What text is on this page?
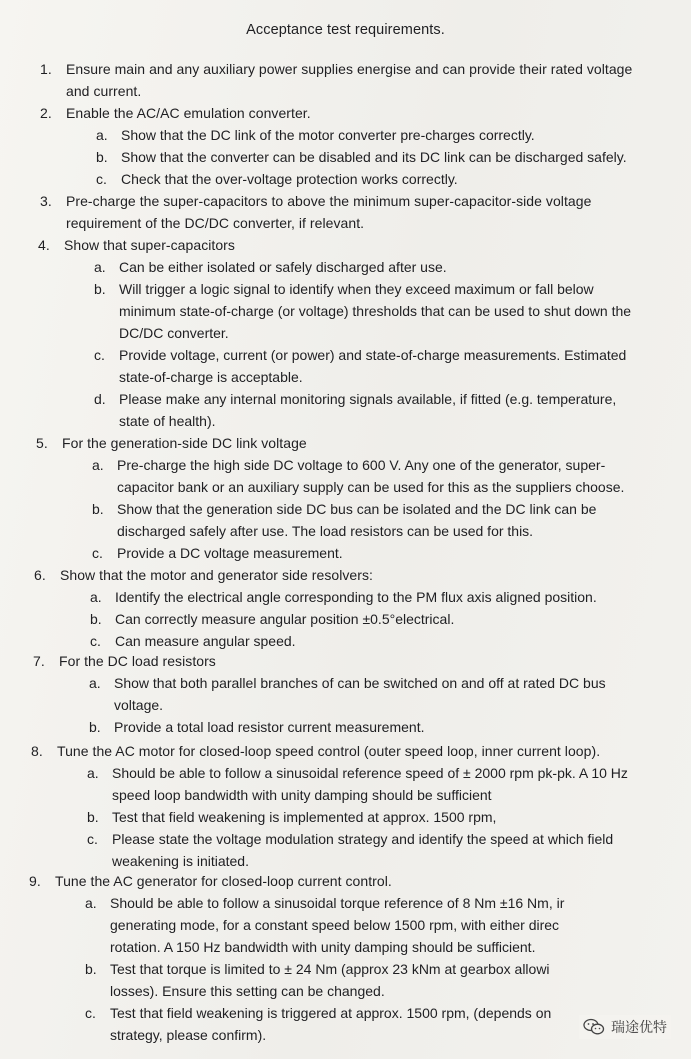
Acceptance test requirements.
1. Ensure main and any auxiliary power supplies energise and can provide their rated voltage
and current.
2. Enable the AC/AC emulation converter.
a. Show that the DC link of the motor converter pre-charges correctly.
b. Show that the converter can be disabled and its DC link can be discharged safely.
c. Check that the over-voltage protection works correctly.
3. Pre-charge the super-capacitors to above the minimum super-capacitor-side voltage
requirement of the DC/DC converter, if relevant.
4. Show that super-capacitors
a. Can be either isolated or safely discharged after use.
b. Will trigger a logic signal to identify when they exceed maximum or fall below
minimum state-of-charge (or voltage) thresholds that can be used to shut down the
DC/DC converter.
c. Provide voltage, current (or power) and state-of-charge measurements. Estimated
state-of-charge is acceptable.
d. Please make any internal monitoring signals available, if fitted (e.g. temperature,
state of health).
5. For the generation-side DC link voltage
a. Pre-charge the high side DC voltage to 600 V. Any one of the generator, super-
capacitor bank or an auxiliary supply can be used for this as the suppliers choose.
b. Show that the generation side DC bus can be isolated and the DC link can be
discharged safely after use. The load resistors can be used for this.
c. Provide a DC voltage measurement.
6. Show that the motor and generator side resolvers:
a. Identify the electrical angle corresponding to the PM flux axis aligned position.
b. Can correctly measure angular position ±0.5°electrical.
c. Can measure angular speed.
7. For the DC load resistors
a. Show that both parallel branches of can be switched on and off at rated DC bus
voltage.
b. Provide a total load resistor current measurement.
8. Tune the AC motor for closed-loop speed control (outer speed loop, inner current loop).
a. Should be able to follow a sinusoidal reference speed of ± 2000 rpm pk-pk. A 10 Hz
speed loop bandwidth with unity damping should be sufficient
b. Test that field weakening is implemented at approx. 1500 rpm,
c. Please state the voltage modulation strategy and identify the speed at which field
weakening is initiated.
9. Tune the AC generator for closed-loop current control.
a. Should be able to follow a sinusoidal torque reference of 8 Nm ±16 Nm, ir
generating mode, for a constant speed below 1500 rpm, with either direc
rotation. A 150 Hz bandwidth with unity damping should be sufficient.
b. Test that torque is limited to ± 24 Nm (approx 23 kNm at gearbox allowi
losses). Ensure this setting can be changed.
c. Test that field weakening is triggered at approx. 1500 rpm, (depends on
strategy, please confirm).	瑞途优特
